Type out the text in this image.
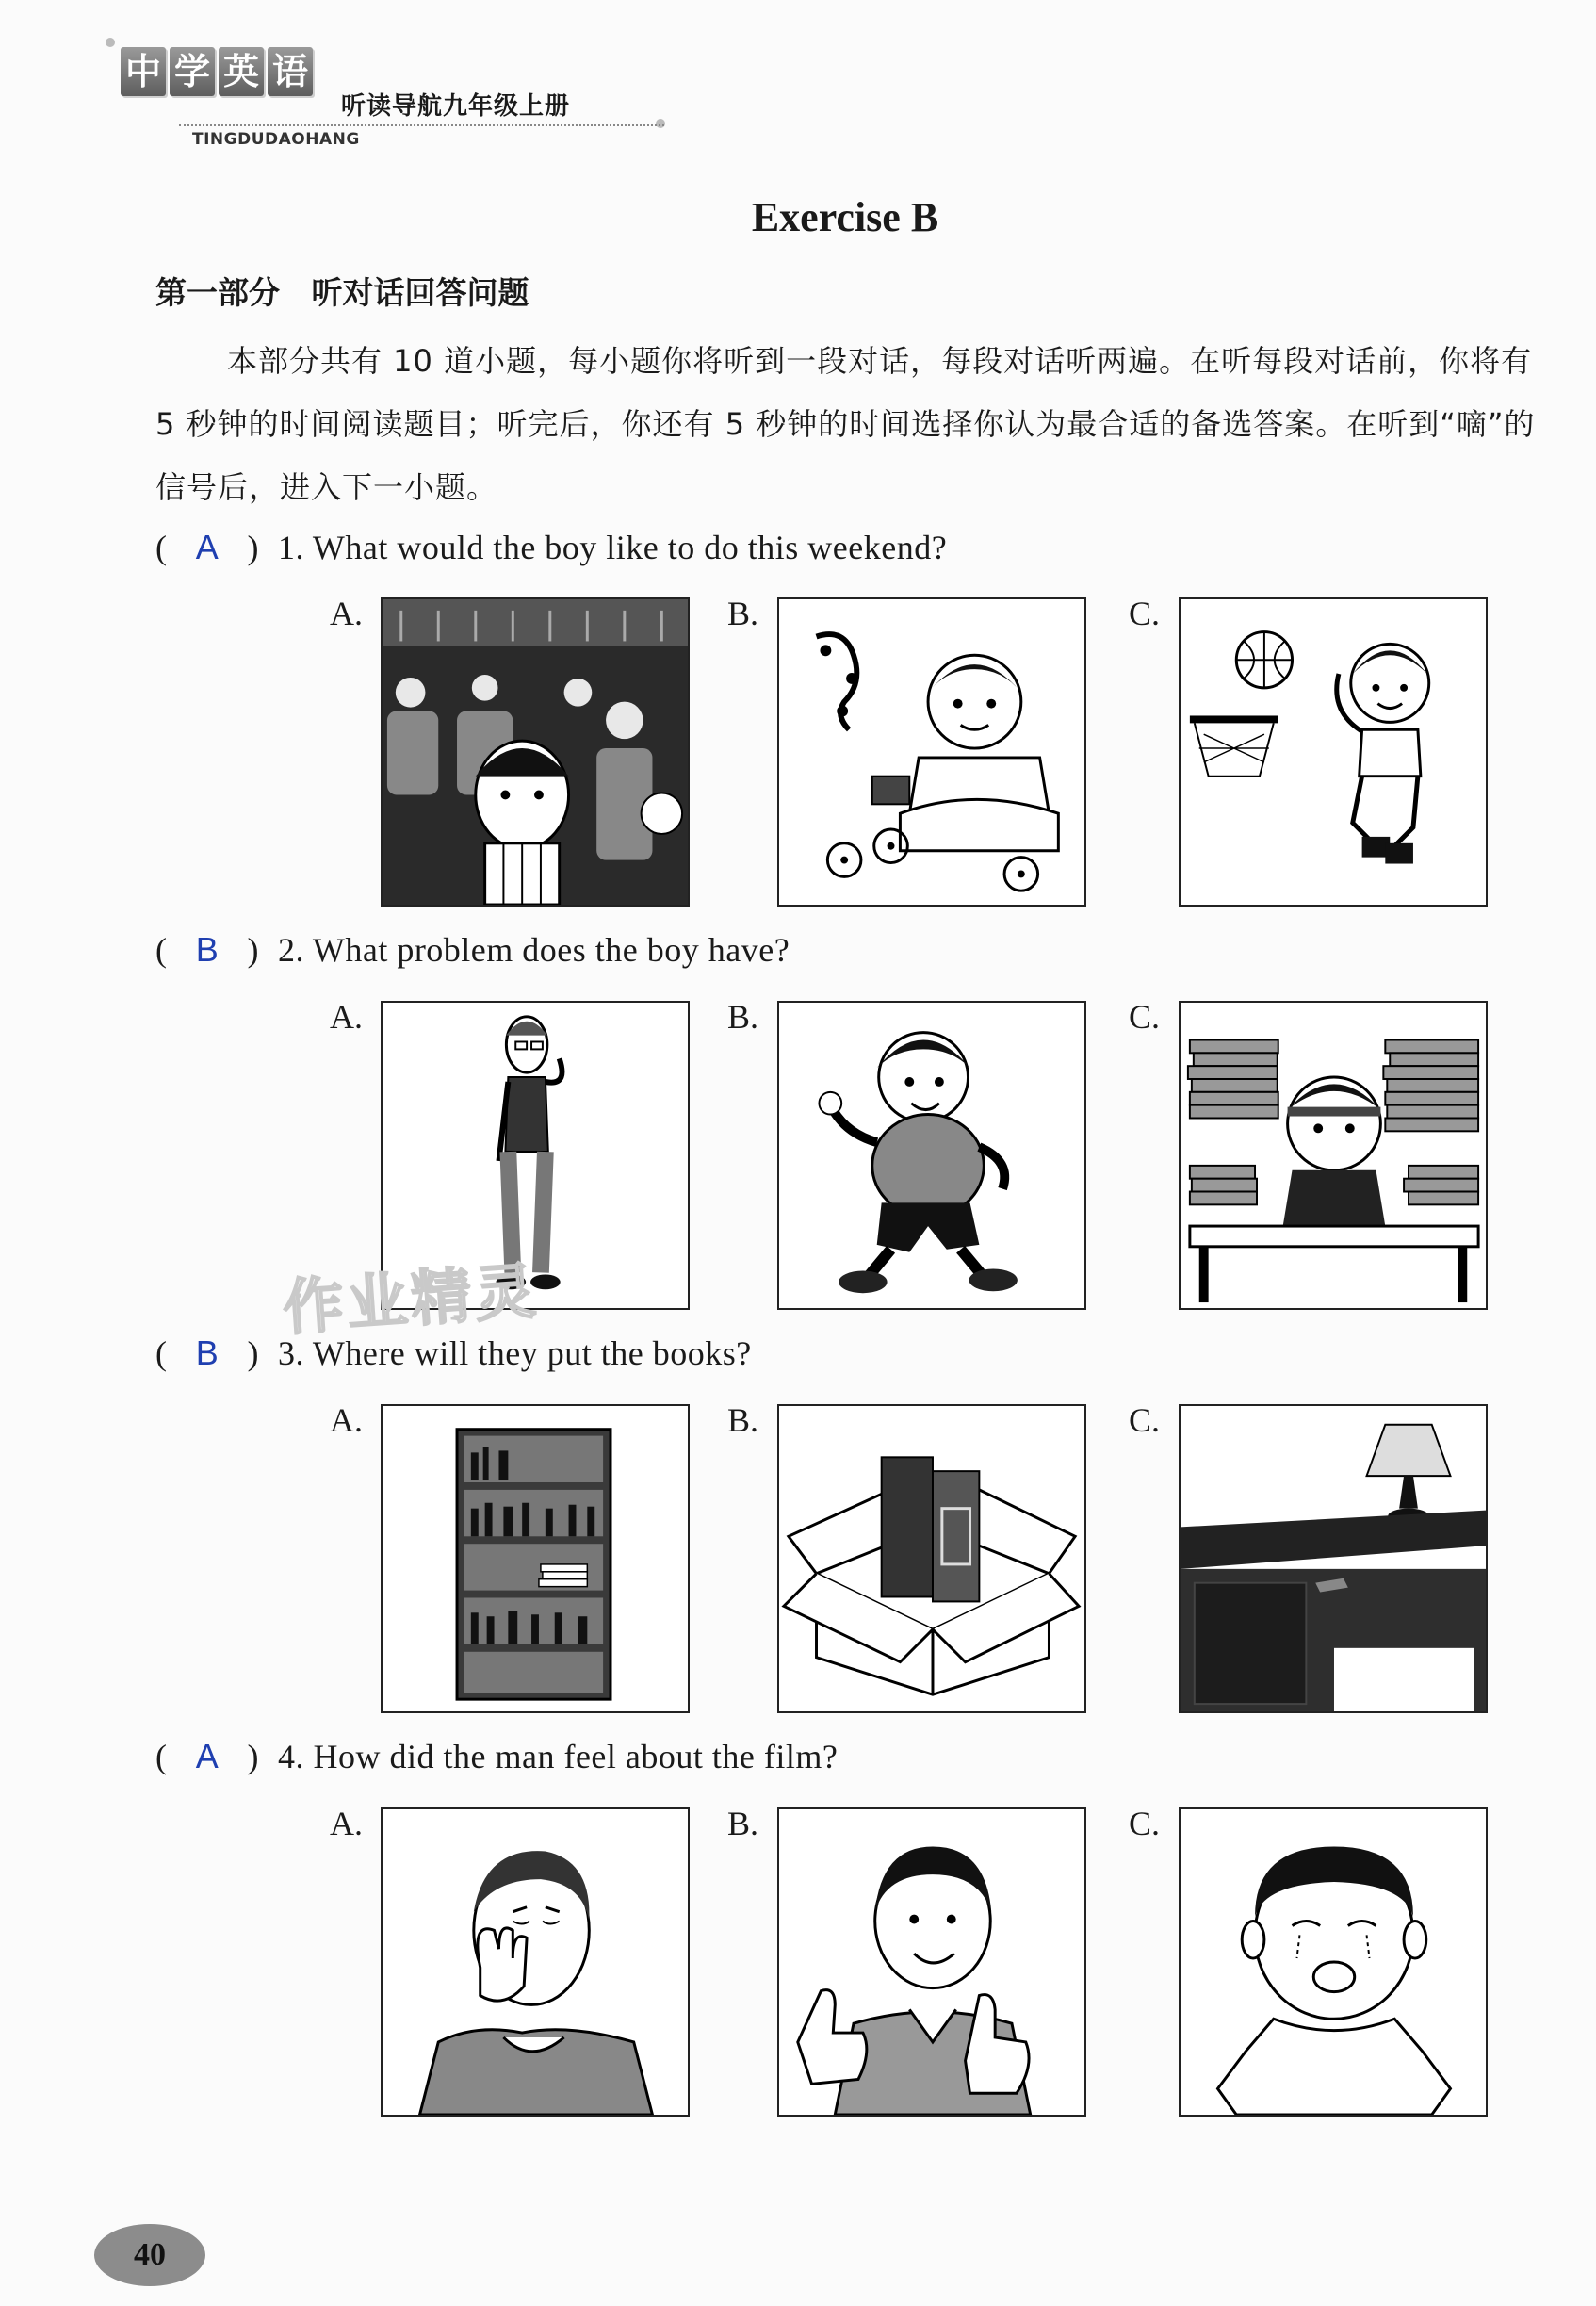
中 学 英 语
听读导航九年级上册
TINGDUDAOHANG
Exercise B
第一部分 听对话回答问题
本部分共有 10 道小题，每小题你将听到一段对话，每段对话听两遍。在听每段对话前，你将有 5 秒钟的时间阅读题目；听完后，你还有 5 秒钟的时间选择你认为最合适的备选答案。在听到“嘀”的信号后，进入下一小题。
( A ) 1. What would the boy like to do this weekend?
A.	B.	C.
( B ) 2. What problem does the boy have?
A.	B.	C.
作业精灵
( B ) 3. Where will they put the books?
A.	B.	C.
( A ) 4. How did the man feel about the film?
A.	B.	C.
40
